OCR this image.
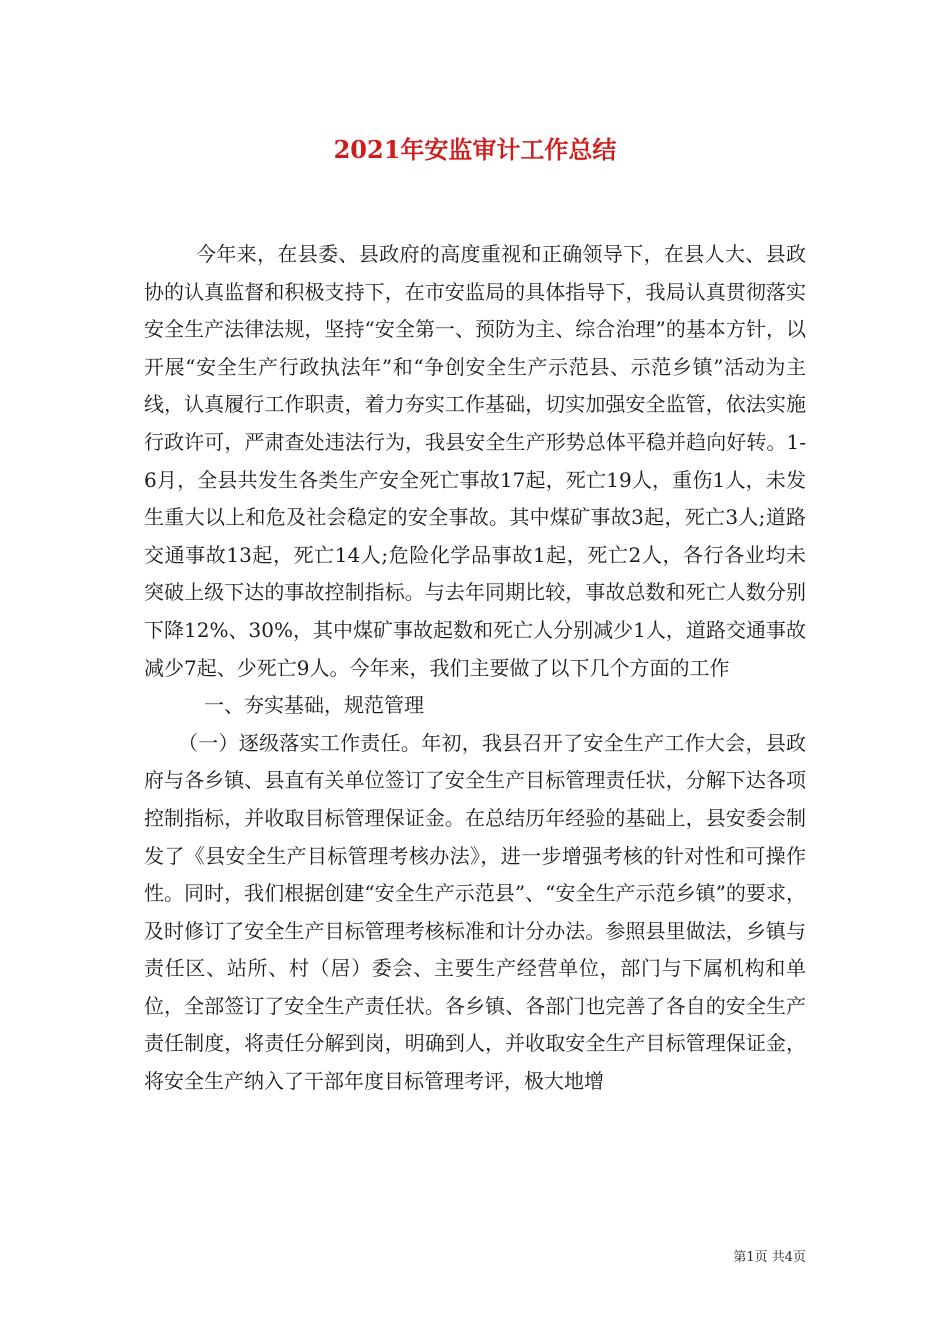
2021年安监审计工作总结

今年来，在县委、县政府的高度重视和正确领导下，在县人大、县政协的认真监督和积极支持下，在市安监局的具体指导下，我局认真贯彻落实安全生产法律法规，坚持“安全第一、预防为主、综合治理”的基本方针，以开展“安全生产行政执法年”和“争创安全生产示范县、示范乡镇”活动为主线，认真履行工作职责，着力夯实工作基础，切实加强安全监管，依法实施行政许可，严肃查处违法行为，我县安全生产形势总体平稳并趋向好转。1-6月，全县共发生各类生产安全死亡事故17起，死亡19人，重伤1人，未发生重大以上和危及社会稳定的安全事故。其中煤矿事故3起，死亡3人;道路交通事故13起，死亡14人;危险化学品事故1起，死亡2人，各行各业均未突破上级下达的事故控制指标。与去年同期比较，事故总数和死亡人数分别下降12%、30%，其中煤矿事故起数和死亡人分别减少1人，道路交通事故减少7起、少死亡9人。今年来，我们主要做了以下几个方面的工作

一、夯实基础，规范管理

（一）逐级落实工作责任。年初，我县召开了安全生产工作大会，县政府与各乡镇、县直有关单位签订了安全生产目标管理责任状，分解下达各项控制指标，并收取目标管理保证金。在总结历年经验的基础上，县安委会制发了《县安全生产目标管理考核办法》，进一步增强考核的针对性和可操作性。同时，我们根据创建“安全生产示范县”、“安全生产示范乡镇”的要求，及时修订了安全生产目标管理考核标准和计分办法。参照县里做法，乡镇与责任区、站所、村（居）委会、主要生产经营单位，部门与下属机构和单位，全部签订了安全生产责任状。各乡镇、各部门也完善了各自的安全生产责任制度，将责任分解到岗，明确到人，并收取安全生产目标管理保证金，将安全生产纳入了干部年度目标管理考评，极大地增

第1页 共4页
